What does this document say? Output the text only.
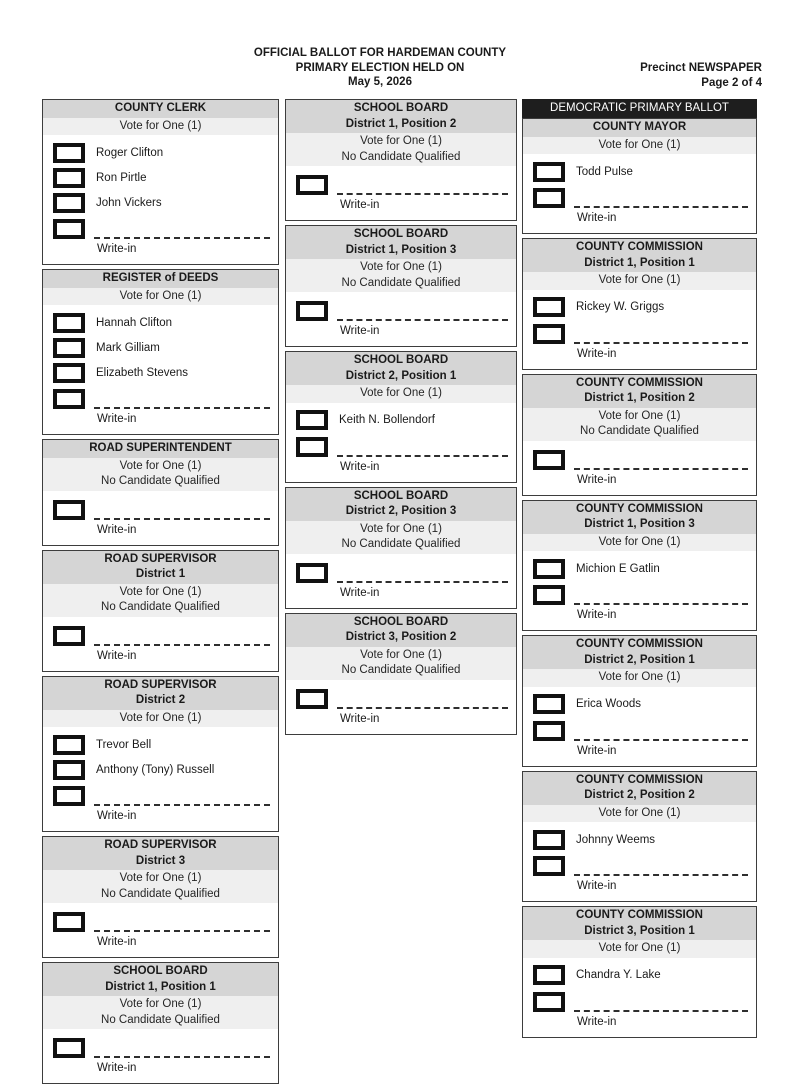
OFFICIAL BALLOT FOR HARDEMAN COUNTY
PRIMARY ELECTION HELD ON
May 5, 2026
Precinct NEWSPAPER
Page 2 of 4
COUNTY CLERK
Vote for One (1)
Roger Clifton
Ron Pirtle
John Vickers
Write-in
REGISTER of DEEDS
Vote for One (1)
Hannah Clifton
Mark Gilliam
Elizabeth Stevens
Write-in
ROAD SUPERINTENDENT
Vote for One (1)
No Candidate Qualified
Write-in
ROAD SUPERVISOR
District 1
Vote for One (1)
No Candidate Qualified
Write-in
ROAD SUPERVISOR
District 2
Vote for One (1)
Trevor Bell
Anthony (Tony) Russell
Write-in
ROAD SUPERVISOR
District 3
Vote for One (1)
No Candidate Qualified
Write-in
SCHOOL BOARD
District 1, Position 1
Vote for One (1)
No Candidate Qualified
Write-in
SCHOOL BOARD
District 1, Position 2
Vote for One (1)
No Candidate Qualified
Write-in
SCHOOL BOARD
District 1, Position 3
Vote for One (1)
No Candidate Qualified
Write-in
SCHOOL BOARD
District 2, Position 1
Vote for One (1)
Keith N. Bollendorf
Write-in
SCHOOL BOARD
District 2, Position 3
Vote for One (1)
No Candidate Qualified
Write-in
SCHOOL BOARD
District 3, Position 2
Vote for One (1)
No Candidate Qualified
Write-in
DEMOCRATIC PRIMARY BALLOT
COUNTY MAYOR
Vote for One (1)
Todd Pulse
Write-in
COUNTY COMMISSION
District 1, Position 1
Vote for One (1)
Rickey W. Griggs
Write-in
COUNTY COMMISSION
District 1, Position 2
Vote for One (1)
No Candidate Qualified
Write-in
COUNTY COMMISSION
District 1, Position 3
Vote for One (1)
Michion E Gatlin
Write-in
COUNTY COMMISSION
District 2, Position 1
Vote for One (1)
Erica Woods
Write-in
COUNTY COMMISSION
District 2, Position 2
Vote for One (1)
Johnny Weems
Write-in
COUNTY COMMISSION
District 3, Position 1
Vote for One (1)
Chandra Y. Lake
Write-in
